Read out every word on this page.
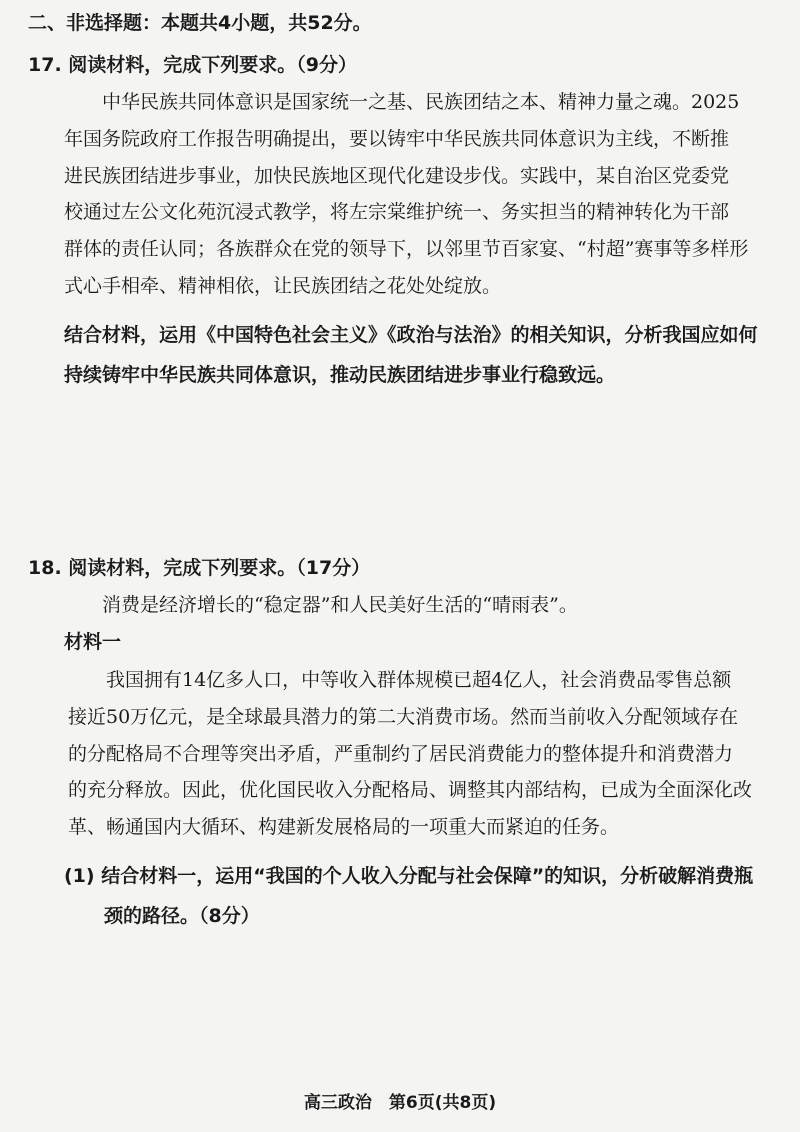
二、非选择题：本题共4小题，共52分。
17. 阅读材料，完成下列要求。（9分）
中华民族共同体意识是国家统一之基、民族团结之本、精神力量之魂。2025
年国务院政府工作报告明确提出，要以铸牢中华民族共同体意识为主线，不断推
进民族团结进步事业，加快民族地区现代化建设步伐。实践中，某自治区党委党
校通过左公文化苑沉浸式教学，将左宗棠维护统一、务实担当的精神转化为干部
群体的责任认同；各族群众在党的领导下，以邻里节百家宴、“村超”赛事等多样形
式心手相牵、精神相依，让民族团结之花处处绽放。
结合材料，运用《中国特色社会主义》《政治与法治》的相关知识，分析我国应如何
持续铸牢中华民族共同体意识，推动民族团结进步事业行稳致远。
18. 阅读材料，完成下列要求。（17分）
消费是经济增长的“稳定器”和人民美好生活的“晴雨表”。
材料一
我国拥有14亿多人口，中等收入群体规模已超4亿人，社会消费品零售总额
接近50万亿元，是全球最具潜力的第二大消费市场。然而当前收入分配领域存在
的分配格局不合理等突出矛盾，严重制约了居民消费能力的整体提升和消费潜力
的充分释放。因此，优化国民收入分配格局、调整其内部结构，已成为全面深化改
革、畅通国内大循环、构建新发展格局的一项重大而紧迫的任务。
(1) 结合材料一，运用“我国的个人收入分配与社会保障”的知识，分析破解消费瓶
颈的路径。（8分）
高三政治　第6页(共8页)
